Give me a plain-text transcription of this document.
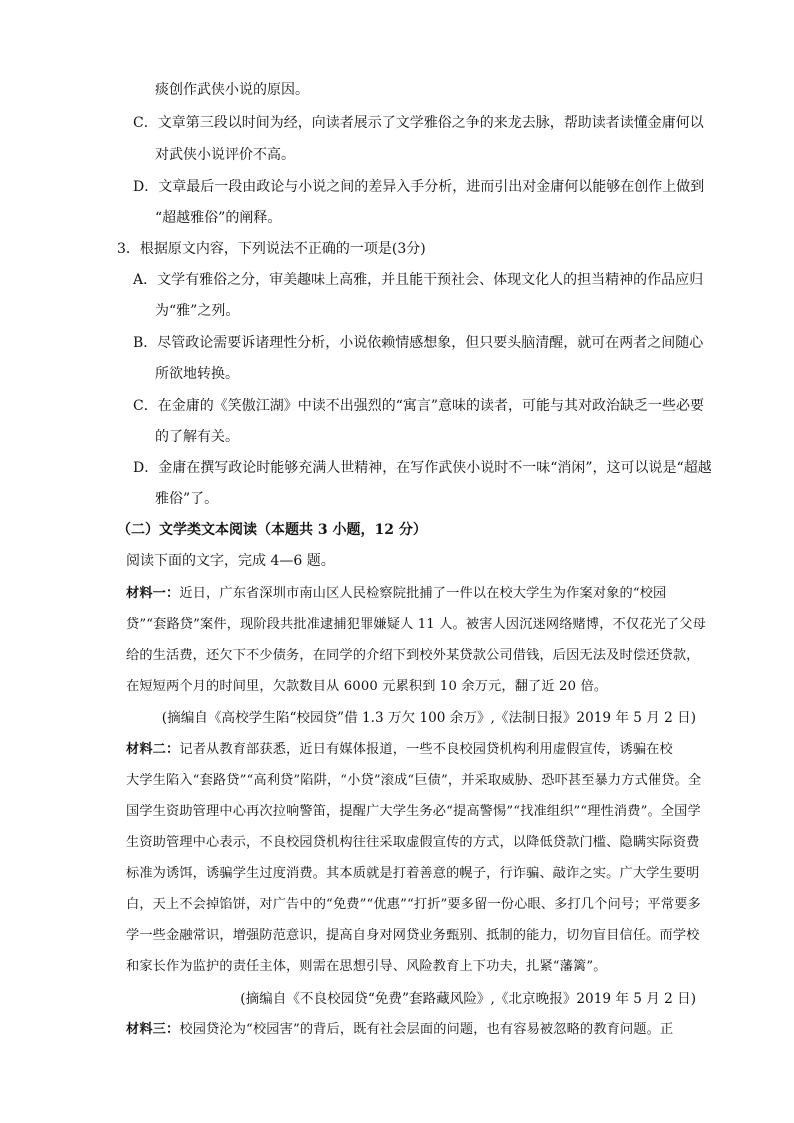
痰创作武侠小说的原因。
C．文章第三段以时间为经，向读者展示了文学雅俗之争的来龙去脉，帮助读者读懂金庸何以
对武侠小说评价不高。
D．文章最后一段由政论与小说之间的差异入手分析，进而引出对金庸何以能够在创作上做到
“超越雅俗”的阐释。
3．根据原文内容，下列说法不正确的一项是(3分)
A．文学有雅俗之分，审美趣味上高雅，并且能干预社会、体现文化人的担当精神的作品应归
为“雅”之列。
B．尽管政论需要诉诸理性分析，小说依赖情感想象，但只要头脑清醒，就可在两者之间随心
所欲地转换。
C．在金庸的《笑傲江湖》中读不出强烈的“寓言”意味的读者，可能与其对政治缺乏一些必要
的了解有关。
D．金庸在撰写政论时能够充满人世精神，在写作武侠小说时不一味“消闲”，这可以说是“超越
雅俗”了。
（二）文学类文本阅读（本题共 3 小题，12 分）
阅读下面的文字，完成 4—6 题。
材料一：近日，广东省深圳市南山区人民检察院批捕了一件以在校大学生为作案对象的“校园
贷”“套路贷”案件，现阶段共批准逮捕犯罪嫌疑人 11 人。被害人因沉迷网络赌博，不仅花光了父母
给的生活费，还欠下不少债务，在同学的介绍下到校外某贷款公司借钱，后因无法及时偿还贷款，
在短短两个月的时间里，欠款数目从 6000 元累积到 10 余万元，翻了近 20 倍。
(摘编自《高校学生陷“校园贷”借 1.3 万欠 100 余万》,《法制日报》2019 年 5 月 2 日)
材料二：记者从教育部获悉，近日有媒体报道，一些不良校园贷机构利用虚假宣传，诱骗在校
大学生陷入“套路贷”“高利贷”陷阱，“小贷”滚成“巨债”，并采取威胁、恐吓甚至暴力方式催贷。全
国学生资助管理中心再次拉响警笛，提醒广大学生务必“提高警惕”“找准组织”“理性消费”。全国学
生资助管理中心表示，不良校园贷机构往往采取虚假宣传的方式，以降低贷款门槛、隐瞒实际资费
标准为诱饵，诱骗学生过度消费。其本质就是打着善意的幌子，行诈骗、敲诈之实。广大学生要明
白，天上不会掉馅饼，对广告中的“免费”“优惠”“打折”要多留一份心眼、多打几个问号；平常要多
学一些金融常识，增强防范意识，提高自身对网贷业务甄别、抵制的能力，切勿盲目信任。而学校
和家长作为监护的责任主体，则需在思想引导、风险教育上下功夫，扎紧“藩篱”。
(摘编自《不良校园贷“免费”套路藏风险》,《北京晚报》2019 年 5 月 2 日)
材料三：校园贷沦为“校园害”的背后，既有社会层面的问题，也有容易被忽略的教育问题。正
